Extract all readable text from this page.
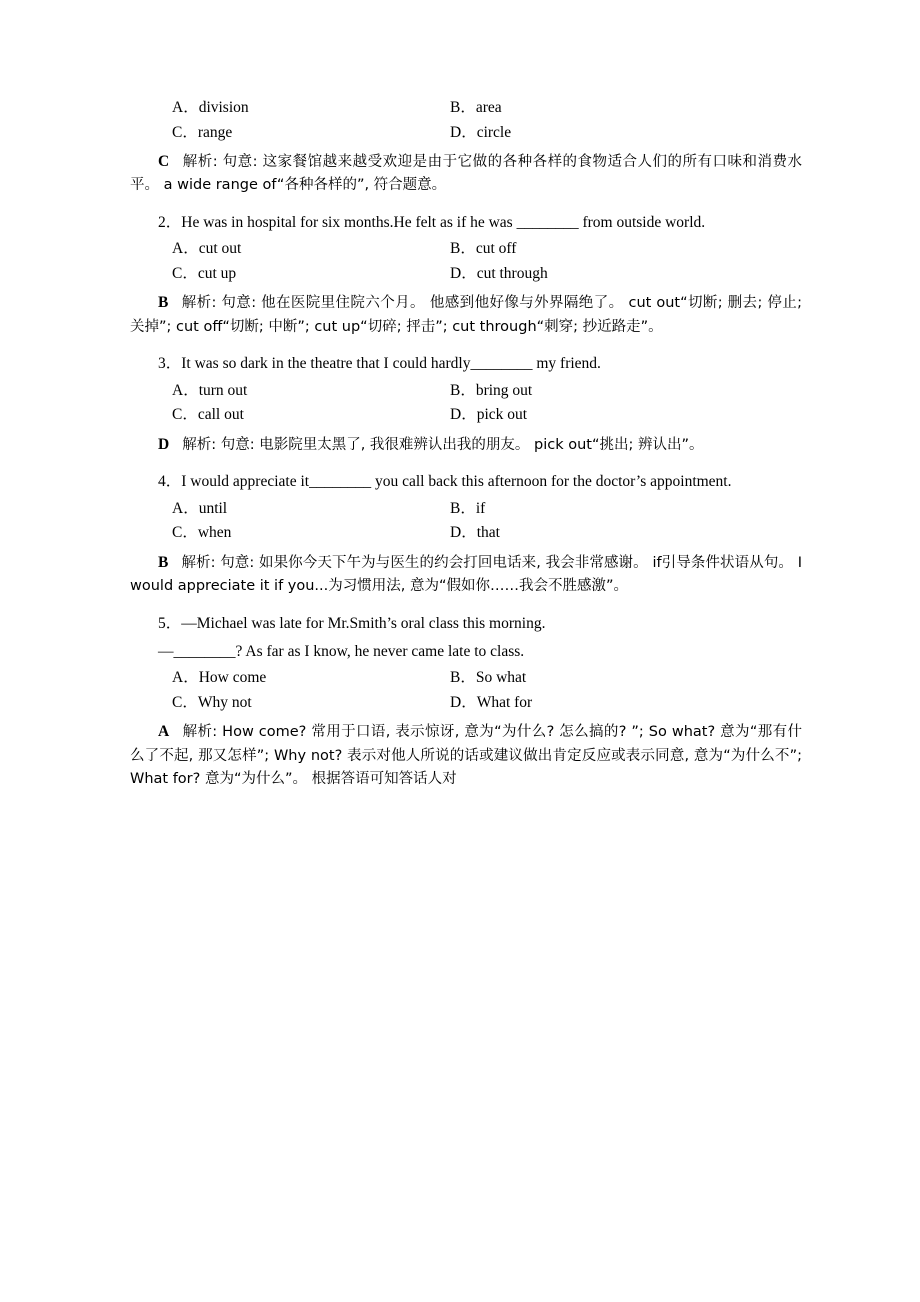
A．division	B．area
C．range	D．circle
C 解析: 句意: 这家餐馆越来越受欢迎是由于它做的各种各样的食物适合人们的所有口味和消费水平。 a wide range of“各种各样的”, 符合题意。
2．He was in hospital for six months.He felt as if he was ________ from outside world.
A．cut out	B．cut off
C．cut up	D．cut through
B 解析: 句意: 他在医院里住院六个月。 他感到他好像与外界隔绝了。 cut out“切断; 删去; 停止; 关掉”; cut off“切断; 中断”; cut up“切碎; 抨击”; cut through“刺穿; 抄近路走”。
3．It was so dark in the theatre that I could hardly________ my friend.
A．turn out	B．bring out
C．call out	D．pick out
D 解析: 句意: 电影院里太黑了, 我很难辨认出我的朋友。 pick out“挑出; 辨认出”。
4．I would appreciate it________ you call back this afternoon for the doctor’s appointment.
A．until	B．if
C．when	D．that
B 解析: 句意: 如果你今天下午为与医生的约会打回电话来, 我会非常感谢。 if引导条件状语从句。 I would appreciate it if you...为习惯用法, 意为“假如你……我会不胜感激”。
5．—Michael was late for Mr.Smith’s oral class this morning.
—________? As far as I know, he never came late to class.
A．How come	B．So what
C．Why not	D．What for
A 解析: How come? 常用于口语, 表示惊讶, 意为“为什么? 怎么搞的? ”; So what? 意为“那有什么了不起, 那又怎样”; Why not? 表示对他人所说的话或建议做出肯定反应或表示同意, 意为“为什么不”; What for? 意为“为什么”。 根据答语可知答话人对
